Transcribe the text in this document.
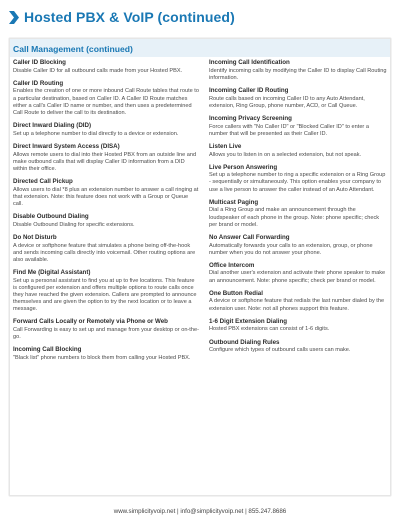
Hosted PBX & VoIP (continued)
Call Management (continued)
Caller ID Blocking

Disable Caller ID for all outbound calls made from your Hosted PBX.

Caller ID Routing

Enables the creation of one or more inbound Call Route tables that route to a particular destination, based on Caller ID. A Caller ID Route matches either a call's Caller ID name or number, and then uses a predetermined Call Route to deliver the call to its destination.

Direct Inward Dialing (DID)

Set up a telephone number to dial directly to a device or extension.

Direct Inward System Access (DISA)

Allows remote users to dial into their Hosted PBX from an outside line and make outbound calls that will display Caller ID information from a DID within their office.

Directed Call Pickup

Allows users to dial *8 plus an extension number to answer a call ringing at that extension. Note: this feature does not work with a Group or Queue call.

Disable Outbound Dialing

Disable Outbound Dialing for specific extensions.

Do Not Disturb

A device or softphone feature that simulates a phone being off-the-hook and sends incoming calls directly into voicemail. Other routing options are also available.

Find Me (Digital Assistant)

Set up a personal assistant to find you at up to five locations. This feature is configured per extension and offers multiple options to route calls once they have reached the given extension. Callers are prompted to announce themselves and are given the option to try the next location or to leave a message.

Forward Calls Locally or Remotely via Phone or Web

Call Forwarding is easy to set up and manage from your desktop or on-the-go.

Incoming Call Blocking

"Black list" phone numbers to block them from calling your Hosted PBX.

Incoming Call Identification

Identify incoming calls by modifying the Caller ID to display Call Routing information.

Incoming Caller ID Routing

Route calls based on incoming Caller ID to any Auto Attendant, extension, Ring Group, phone number, ACD, or Call Queue.

Incoming Privacy Screening

Force callers with "No Caller ID" or "Blocked Caller ID" to enter a number that will be presented as their Caller ID.

Listen Live

Allows you to listen in on a selected extension, but not speak.

Live Person Answering

Set up a telephone number to ring a specific extension or a Ring Group - sequentially or simultaneously. This option enables your company to use a live person to answer the caller instead of an Auto Attendant.

Multicast Paging

Dial a Ring Group and make an announcement through the loudspeaker of each phone in the group. Note: phone specific; check per brand or model.

No Answer Call Forwarding

Automatically forwards your calls to an extension, group, or phone number when you do not answer your phone.

Office Intercom

Dial another user's extension and activate their phone speaker to make an announcement. Note: phone specific; check per brand or model.

One Button Redial

A device or softphone feature that redials the last number dialed by the extension user. Note: not all phones support this feature.

1-6 Digit Extension Dialing

Hosted PBX extensions can consist of 1-6 digits.

Outbound Dialing Rules

Configure which types of outbound calls users can make.

www.simplicityvoip.net | info@simplicityvoip.net | 855.247.8686
